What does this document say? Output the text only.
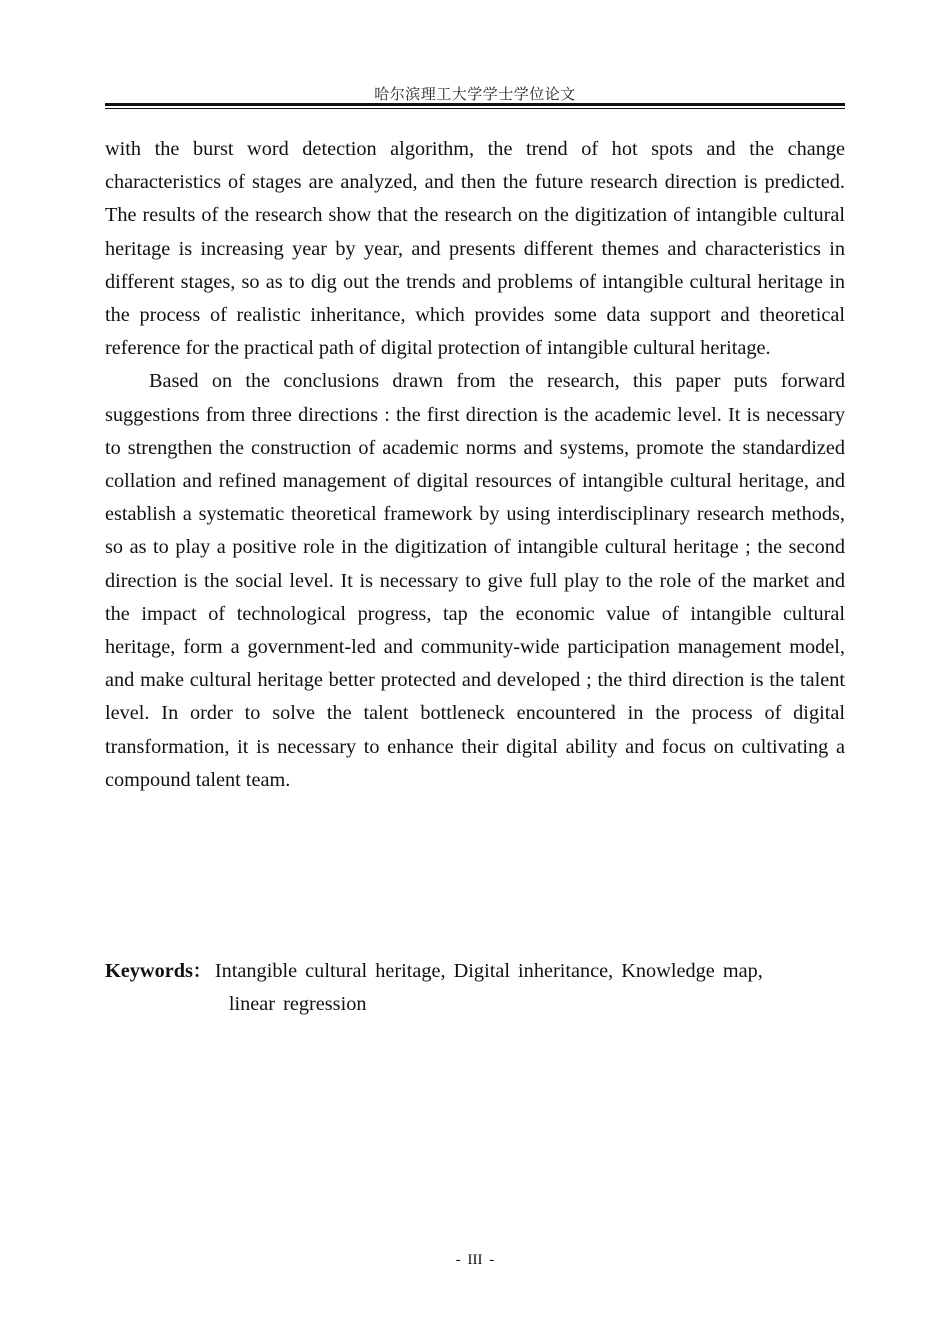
哈尔滨理工大学学士学位论文

with the burst word detection algorithm, the trend of hot spots and the change characteristics of stages are analyzed, and then the future research direction is predicted. The results of the research show that the research on the digitization of intangible cultural heritage is increasing year by year, and presents different themes and characteristics in different stages, so as to dig out the trends and problems of intangible cultural heritage in the process of realistic inheritance, which provides some data support and theoretical reference for the practical path of digital protection of intangible cultural heritage.

Based on the conclusions drawn from the research, this paper puts forward suggestions from three directions : the first direction is the academic level. It is necessary to strengthen the construction of academic norms and systems, promote the standardized collation and refined management of digital resources of intangible cultural heritage, and establish a systematic theoretical framework by using interdisciplinary research methods, so as to play a positive role in the digitization of intangible cultural heritage ; the second direction is the social level. It is necessary to give full play to the role of the market and the impact of technological progress, tap the economic value of intangible cultural heritage, form a government-led and community-wide participation management model, and make cultural heritage better protected and developed ; the third direction is the talent level. In order to solve the talent bottleneck encountered in the process of digital transformation, it is necessary to enhance their digital ability and focus on cultivating a compound talent team.

Keywords： Intangible cultural heritage, Digital inheritance, Knowledge map,
linear regression
- III -
